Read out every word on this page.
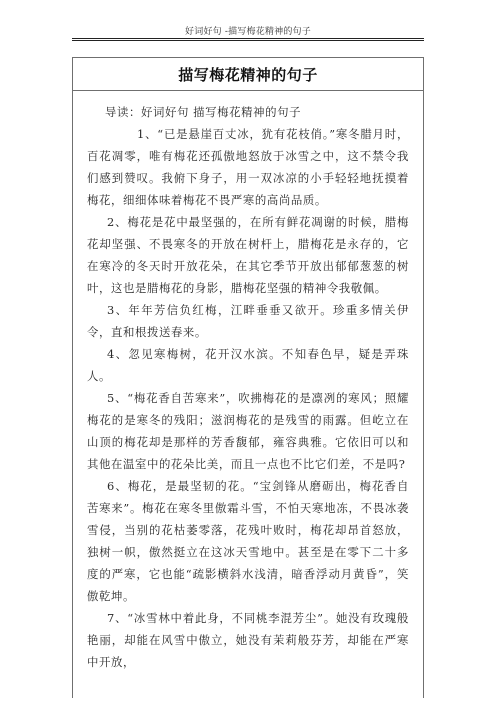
好词好句 -描写梅花精神的句子
描写梅花精神的句子

导读：好词好句 描写梅花精神的句子

1、“已是悬崖百丈冰，犹有花枝俏。”寒冬腊月时，百花凋零，唯有梅花还孤傲地怒放于冰雪之中，这不禁令我们感到赞叹。我俯下身子，用一双冰凉的小手轻轻地抚摸着梅花，细细体味着梅花不畏严寒的高尚品质。

2、梅花是花中最坚强的，在所有鲜花凋谢的时候，腊梅花却坚强、不畏寒冬的开放在树杆上，腊梅花是永存的，它在寒冷的冬天时开放花朵，在其它季节开放出郁郁葱葱的树叶，这也是腊梅花的身影，腊梅花坚强的精神令我敬佩。

3、年年芳信负红梅，江畔垂垂又欲开。珍重多情关伊令，直和根拨送春来。

4、忽见寒梅树，花开汉水滨。不知春色早，疑是弄珠人。

5、“梅花香自苦寒来”，吹拂梅花的是凛冽的寒风；照耀梅花的是寒冬的残阳；滋润梅花的是残雪的雨露。但屹立在山顶的梅花却是那样的芳香馥郁，雍容典雅。它依旧可以和其他在温室中的花朵比美，而且一点也不比它们差，不是吗?

6、梅花，是最坚韧的花。“宝剑锋从磨砺出，梅花香自苦寒来”。梅花在寒冬里傲霜斗雪，不怕天寒地冻，不畏冰袭雪侵，当别的花枯萎零落，花残叶败时，梅花却昂首怒放，独树一帜，傲然挺立在这冰天雪地中。甚至是在零下二十多度的严寒，它也能“疏影横斜水浅清，暗香浮动月黄昏”，笑傲乾坤。

7、“冰雪林中着此身，不同桃李混芳尘”。她没有玫瑰般艳丽，却能在风雪中傲立，她没有茉莉般芬芳，却能在严寒中开放，
